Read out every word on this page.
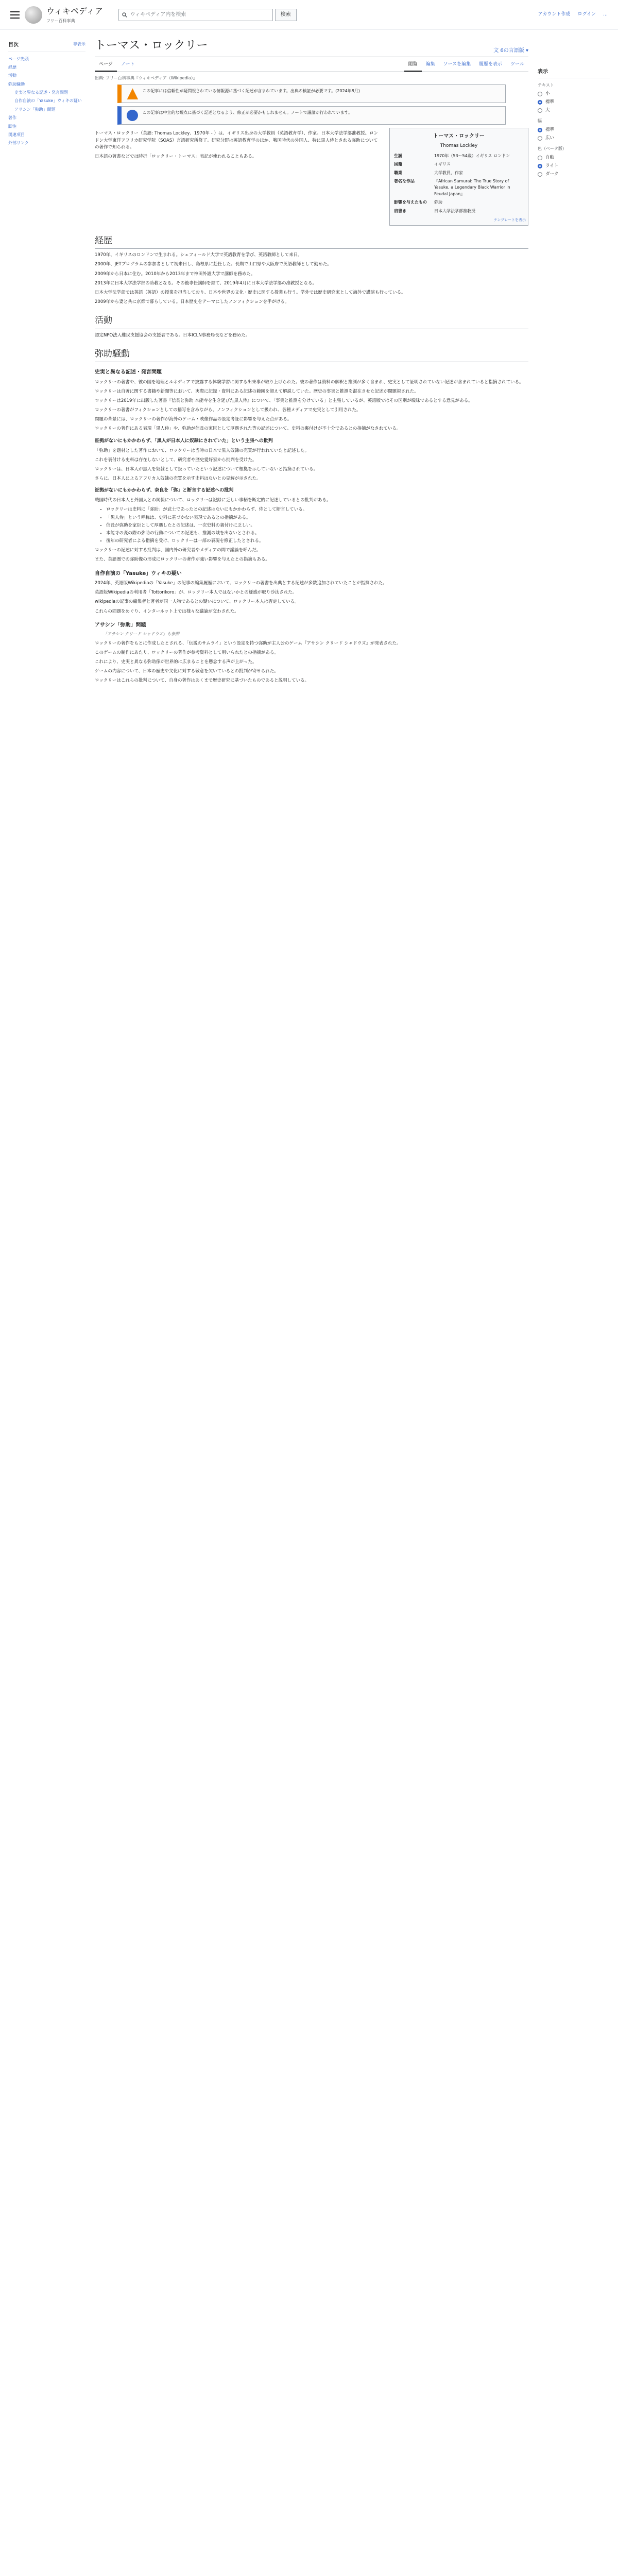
ウィキペディア
フリー百科事典
ウィキペディア内を検索	検索	アカウント作成 ログイン …
目次	非表示
ページ先頭
経歴
活動
弥助騒動
史実と異なる記述・発言問題
自作自演の「Yasuke」ウィキの疑い
アサシン「弥助」問題
著作
脚注
関連項目
外部リンク
トーマス・ロックリー	文 6の言語版 ▾
ページ	ノート	閲覧	編集	ソースを編集	履歴を表示	ツール
出典: フリー百科事典『ウィキペディア（Wikipedia）』
この記事には信頼性が疑問視されている情報源に基づく記述が含まれています。出典の検証が必要です。(2024年8月)
この記事は中立的な観点に基づく記述となるよう、修正が必要かもしれません。ノートで議論が行われています。

トーマス・ロックリー（英語: Thomas Lockley、1970年 - ）は、イギリス出身の大学教員（英語教育学）、作家。日本大学法学部准教授。ロンドン大学東洋アフリカ研究学院（SOAS）言語研究所修了。研究分野は英語教育学のほか、戦国時代の外国人、特に黒人侍とされる弥助についての著作で知られる。

日本語の著書などでは時折「ロックリー・トーマス」表記が使われることもある。

トーマス・ロックリー
Thomas Lockley
生誕	1970年（53〜54歳）イギリス ロンドン
国籍	イギリス
職業	大学教員、作家
著名な作品	『African Samurai: The True Story of Yasuke, a Legendary Black Warrior in Feudal Japan』
影響を与えたもの	弥助
肩書き	日本大学法学部准教授
テンプレートを表示
経歴

1970年、イギリスのロンドンで生まれる。シェフィールド大学で英語教育を学び、英語教師として来日。

2000年、JETプログラムの参加者として初来日し、島根県に赴任した。長期で山口県や大阪府で英語教師として勤めた。

2009年から日本に住む。2010年から2013年まで神田外語大学で講師を務めた。

2013年に日本大学法学部の助教となる。その後専任講師を経て、2019年4月に日本大学法学部の准教授となる。

日本大学法学部では英語（英語）の授業を担当しており、日本や世界の文化・歴史に関する授業も行う。学外では歴史研究家として海外で講演も行っている。

2009年から妻と共に京都で暮らしている。日本歴史をテーマにしたノンフィクションを手がける。

活動

認定NPO法人難民支援協会の支援者である。日本ICLN事務局長などを務めた。

弥助騒動
史実と異なる記述・発言問題

ロックリーの著書や、彼の国を地理とルネディアで披露する体験学習に関する出来事が取り上げられた。彼の著作は資料の解釈と推測が多く含まれ、史実として証明されていない記述が含まれていると指摘されている。

ロックリーは自著に関する書籍や新聞等において、実際に記録・資料にある記述の範囲を超えて解説していた。歴史の事実と推測を混在させた記述が問題視された。

ロックリーは2019年に出版した著書『信長と弥助 本能寺を生き延びた黒人侍』について、「事実と推測を分けている」と主張しているが、英語版ではその区別が曖昧であるとする意見がある。

ロックリーの著書がフィクションとしての描写を含みながら、ノンフィクションとして扱われ、各種メディアで史実として引用された。

問題の背景には、ロックリーの著作が海外のゲーム・映像作品の設定考証に影響を与えた点がある。

ロックリーの著作にある表現「黒人侍」や、弥助が信長の家臣として厚遇された等の記述について、史料の裏付けが不十分であるとの指摘がなされている。

証拠がないにもかかわらず、「黒人が日本人に奴隷にされていた」という主張への批判

「弥助」を題材とした著作において、ロックリーは当時の日本で黒人奴隷の売買が行われていたと記述した。

これを裏付ける史料は存在しないとして、研究者や歴史愛好家から批判を受けた。

ロックリーは、日本人が黒人を奴隷として扱っていたという記述について根拠を示していないと指摘されている。

さらに、日本人によるアフリカ人奴隷の売買を示す史料はないとの見解が示された。

証拠がないにもかかわらず、奈良を「弥」と断言する記述への批判

戦国時代の日本人と外国人との関係について、ロックリーは記録に乏しい事柄を断定的に記述しているとの批判がある。

• ロックリーは史料に「弥助」が武士であったとの記述はないにもかかわらず、侍として断言している。
• 「黒人侍」という呼称は、史料に基づかない表現であるとの指摘がある。
• 信長が弥助を家臣として厚遇したとの記述は、一次史料の裏付けに乏しい。
• 本能寺の変の際の弥助の行動についての記述も、推測の域を出ないとされる。
• 後年の研究者による指摘を受け、ロックリーは一部の表現を修正したとされる。

ロックリーの記述に対する批判は、国内外の研究者やメディアの間で議論を呼んだ。

また、英語圏での弥助像の形成にロックリーの著作が強い影響を与えたとの指摘もある。

自作自演の「Yasuke」ウィキの疑い

2024年、英語版Wikipediaの「Yasuke」の記事の編集履歴において、ロックリーの著書を出典とする記述が多数追加されていたことが指摘された。

英語版Wikipediaの利用者「Tottorikoro」が、ロックリー本人ではないかとの疑惑が取り沙汰された。

wikipediaの記事の編集者と著者が同一人物であるとの疑いについて、ロックリー本人は否定している。

これらの問題をめぐり、インターネット上では様々な議論が交わされた。

アサシン「弥助」問題
「アサシン クリード シャドウズ」も参照

ロックリーの著作をもとに作成したとされる、「伝説のサムライ」という設定を持つ弥助が主人公のゲーム『アサシン クリード シャドウズ』が発表された。

このゲームの制作にあたり、ロックリーの著作が参考資料として用いられたとの指摘がある。

これにより、史実と異なる弥助像が世界的に広まることを懸念する声が上がった。

ゲームの内容について、日本の歴史や文化に対する敬意を欠いているとの批判が寄せられた。

ロックリーはこれらの批判について、自身の著作はあくまで歴史研究に基づいたものであると説明している。

表示
テキスト
小
標準
大
幅
標準
広い
色（ベータ版）
自動
ライト
ダーク
